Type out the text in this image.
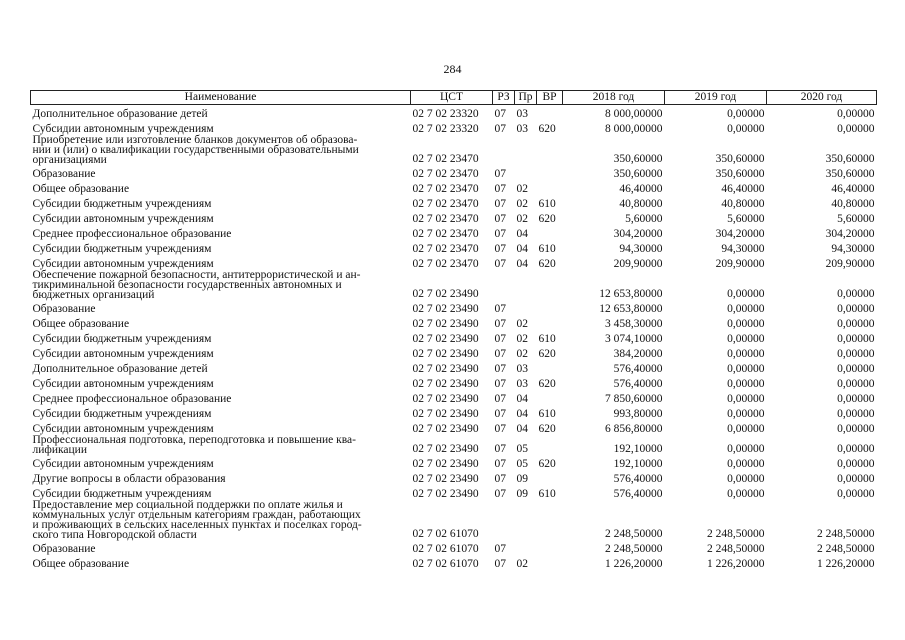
284
Наименование	ЦСТ	РЗ	Пр	ВР	2018 год	2019 год	2020 год
Дополнительное образование детей	02 7 02 23320	07	03		8 000,00000	0,00000	0,00000
Субсидии автономным учреждениям	02 7 02 23320	07	03	620	8 000,00000	0,00000	0,00000
Приобретение или изготовление бланков документов об образова-
нии и (или) о квалификации государственными образовательными
организациями	02 7 02 23470				350,60000	350,60000	350,60000
Образование	02 7 02 23470	07			350,60000	350,60000	350,60000
Общее образование	02 7 02 23470	07	02		46,40000	46,40000	46,40000
Субсидии бюджетным учреждениям	02 7 02 23470	07	02	610	40,80000	40,80000	40,80000
Субсидии автономным учреждениям	02 7 02 23470	07	02	620	5,60000	5,60000	5,60000
Среднее профессиональное образование	02 7 02 23470	07	04		304,20000	304,20000	304,20000
Субсидии бюджетным учреждениям	02 7 02 23470	07	04	610	94,30000	94,30000	94,30000
Субсидии автономным учреждениям	02 7 02 23470	07	04	620	209,90000	209,90000	209,90000
Обеспечение пожарной безопасности, антитеррористической и ан-
тикриминальной безопасности государственных автономных и
бюджетных организаций	02 7 02 23490				12 653,80000	0,00000	0,00000
Образование	02 7 02 23490	07			12 653,80000	0,00000	0,00000
Общее образование	02 7 02 23490	07	02		3 458,30000	0,00000	0,00000
Субсидии бюджетным учреждениям	02 7 02 23490	07	02	610	3 074,10000	0,00000	0,00000
Субсидии автономным учреждениям	02 7 02 23490	07	02	620	384,20000	0,00000	0,00000
Дополнительное образование детей	02 7 02 23490	07	03		576,40000	0,00000	0,00000
Субсидии автономным учреждениям	02 7 02 23490	07	03	620	576,40000	0,00000	0,00000
Среднее профессиональное образование	02 7 02 23490	07	04		7 850,60000	0,00000	0,00000
Субсидии бюджетным учреждениям	02 7 02 23490	07	04	610	993,80000	0,00000	0,00000
Субсидии автономным учреждениям	02 7 02 23490	07	04	620	6 856,80000	0,00000	0,00000
Профессиональная подготовка, переподготовка и повышение ква-
лификации	02 7 02 23490	07	05		192,10000	0,00000	0,00000
Субсидии автономным учреждениям	02 7 02 23490	07	05	620	192,10000	0,00000	0,00000
Другие вопросы в области образования	02 7 02 23490	07	09		576,40000	0,00000	0,00000
Субсидии бюджетным учреждениям	02 7 02 23490	07	09	610	576,40000	0,00000	0,00000
Предоставление мер социальной поддержки по оплате жилья и
коммунальных услуг отдельным категориям граждан, работающих
и проживающих в сельских населенных пунктах и поселках город-
ского типа Новгородской области	02 7 02 61070				2 248,50000	2 248,50000	2 248,50000
Образование	02 7 02 61070	07			2 248,50000	2 248,50000	2 248,50000
Общее образование	02 7 02 61070	07	02		1 226,20000	1 226,20000	1 226,20000
